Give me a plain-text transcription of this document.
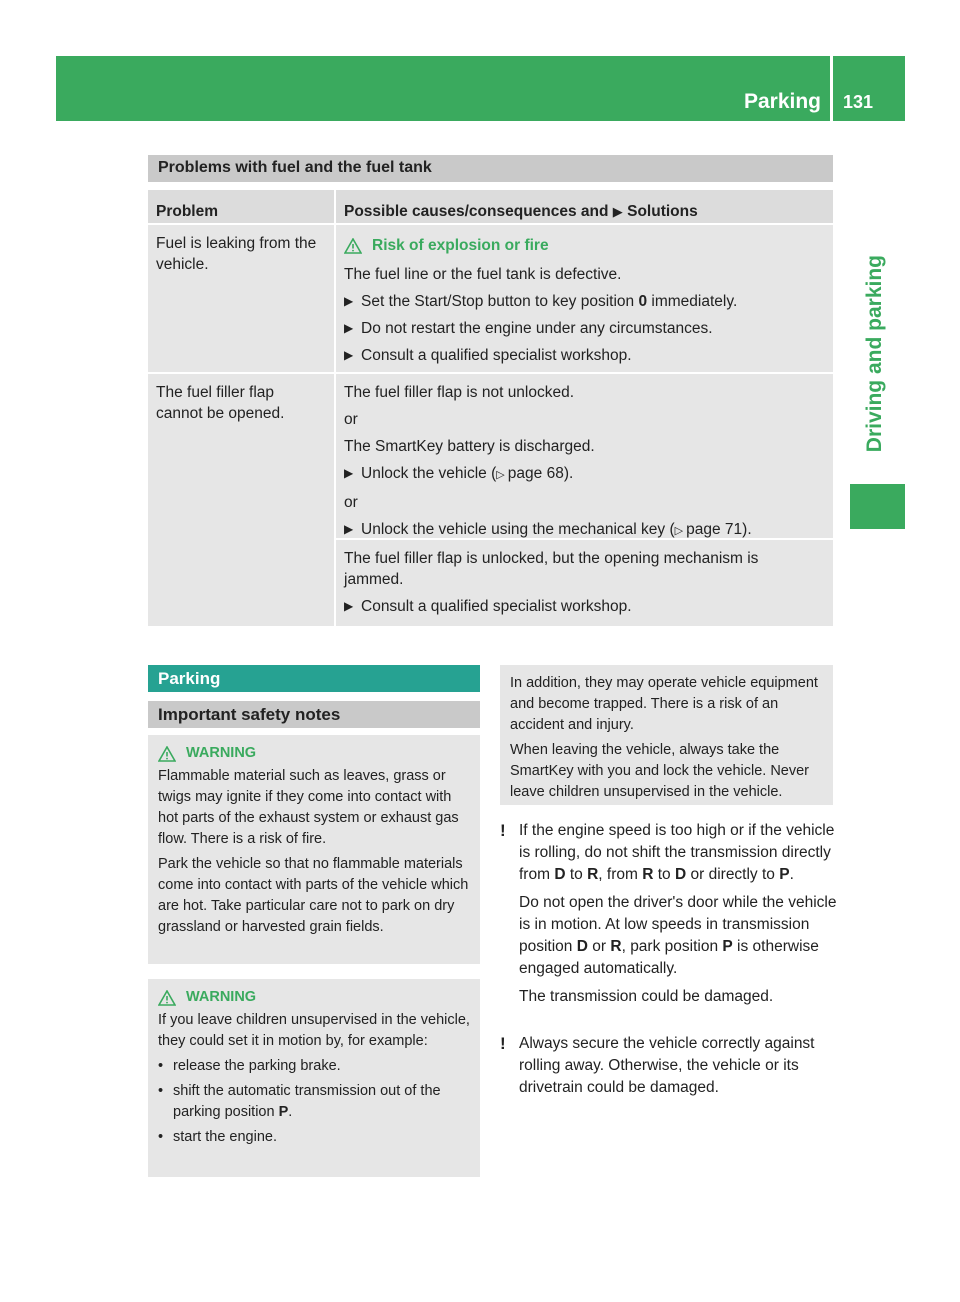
Parking 131
Driving and parking
Problems with fuel and the fuel tank
Problem	Possible causes/consequences and ▶ Solutions

Fuel is leaking from the vehicle.

Risk of explosion or fire

The fuel line or the fuel tank is defective.

▶ Set the Start/Stop button to key position 0 immediately.
▶ Do not restart the engine under any circumstances.
▶ Consult a qualified specialist workshop.

The fuel filler flap cannot be opened.

The fuel filler flap is not unlocked.

or

The SmartKey battery is discharged.

▶ Unlock the vehicle (▷ page 68).

or

▶ Unlock the vehicle using the mechanical key (▷ page 71).

The fuel filler flap is unlocked, but the opening mechanism is jammed.

▶ Consult a qualified specialist workshop.
Parking
Important safety notes
WARNING

Flammable material such as leaves, grass or twigs may ignite if they come into contact with hot parts of the exhaust system or exhaust gas flow. There is a risk of fire.

Park the vehicle so that no flammable materials come into contact with parts of the vehicle which are hot. Take particular care not to park on dry grassland or harvested grain fields.

WARNING

If you leave children unsupervised in the vehicle, they could set it in motion by, for example:

• release the parking brake.
• shift the automatic transmission out of the parking position P.
• start the engine.

In addition, they may operate vehicle equipment and become trapped. There is a risk of an accident and injury.

When leaving the vehicle, always take the SmartKey with you and lock the vehicle. Never leave children unsupervised in the vehicle.

! If the engine speed is too high or if the vehicle is rolling, do not shift the transmission directly from D to R, from R to D or directly to P.

Do not open the driver's door while the vehicle is in motion. At low speeds in transmission position D or R, park position P is otherwise engaged automatically.

The transmission could be damaged.

! Always secure the vehicle correctly against rolling away. Otherwise, the vehicle or its drivetrain could be damaged.
